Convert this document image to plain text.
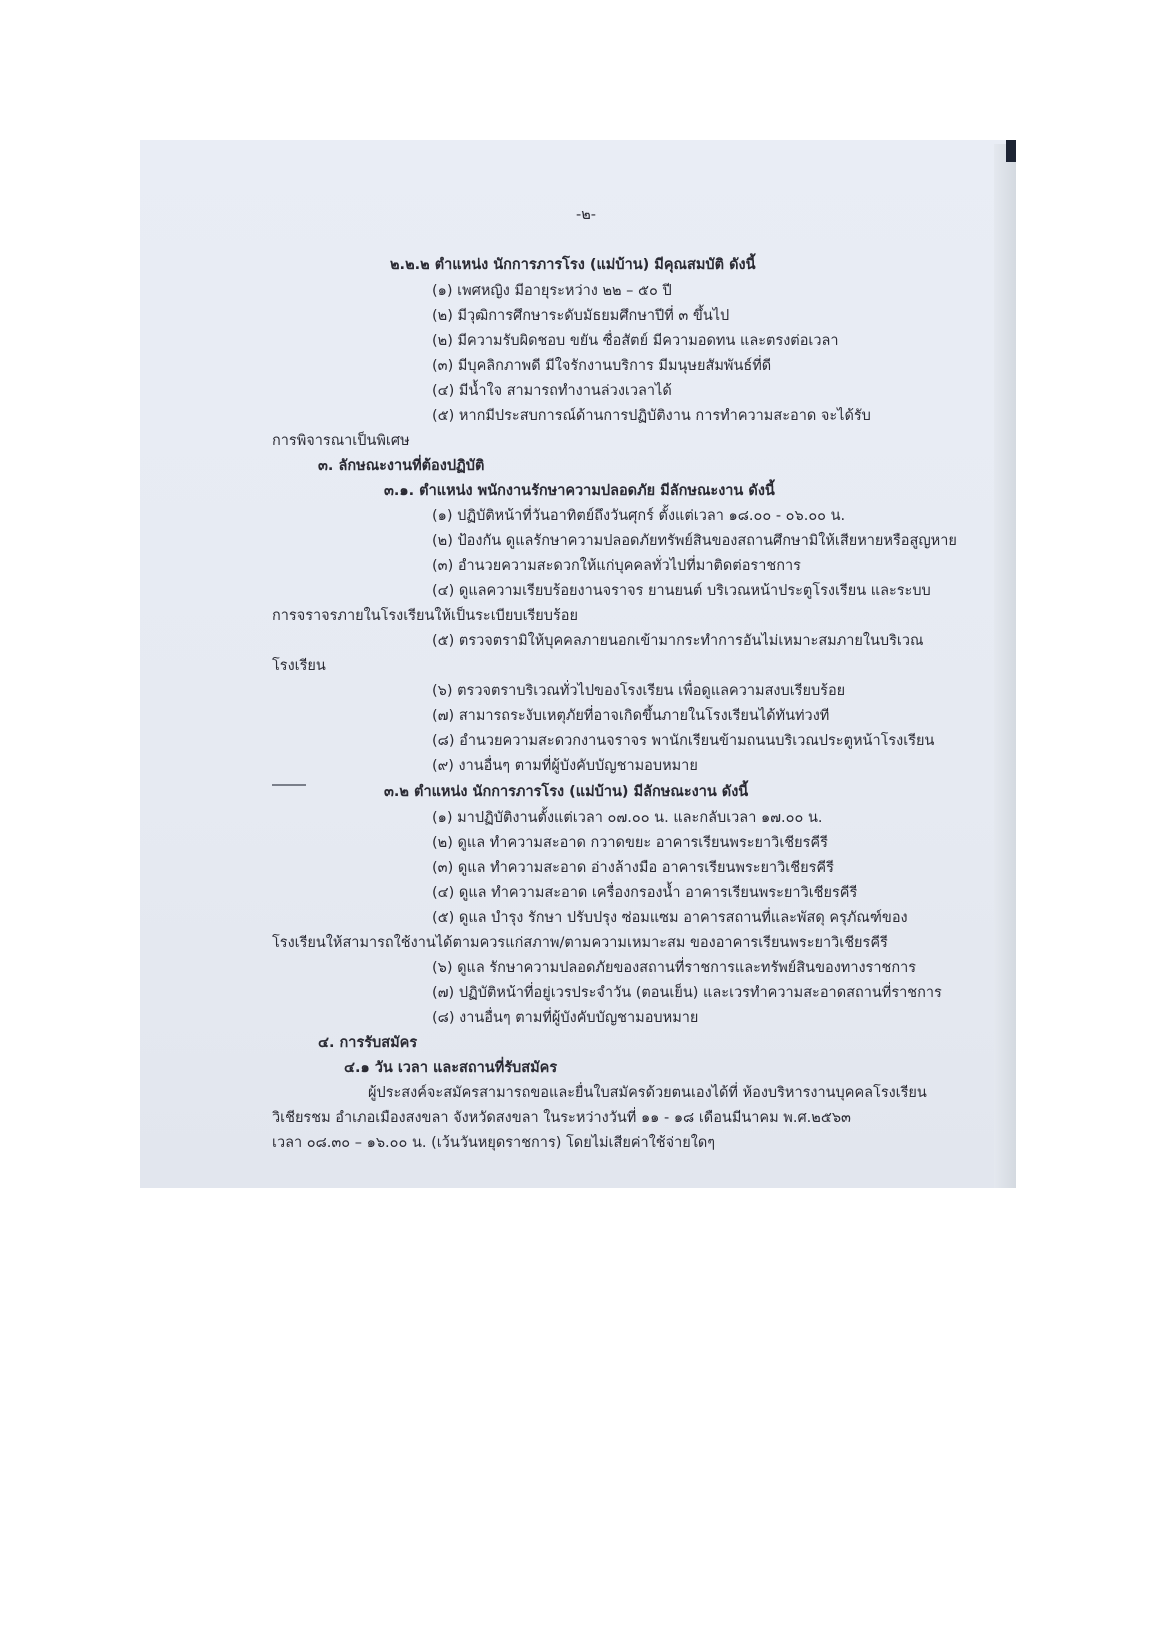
-๒-
๒.๒.๒ ตำแหน่ง นักการภารโรง (แม่บ้าน) มีคุณสมบัติ ดังนี้
(๑) เพศหญิง มีอายุระหว่าง ๒๒ – ๕๐ ปี
(๒) มีวุฒิการศึกษาระดับมัธยมศึกษาปีที่ ๓ ขึ้นไป
(๒) มีความรับผิดชอบ ขยัน ซื่อสัตย์ มีความอดทน และตรงต่อเวลา
(๓) มีบุคลิกภาพดี มีใจรักงานบริการ มีมนุษยสัมพันธ์ที่ดี
(๔) มีน้ำใจ สามารถทำงานล่วงเวลาได้
(๕) หากมีประสบการณ์ด้านการปฏิบัติงาน การทำความสะอาด จะได้รับ
การพิจารณาเป็นพิเศษ
๓. ลักษณะงานที่ต้องปฏิบัติ
๓.๑. ตำแหน่ง พนักงานรักษาความปลอดภัย มีลักษณะงาน ดังนี้
(๑) ปฏิบัติหน้าที่วันอาทิตย์ถึงวันศุกร์ ตั้งแต่เวลา ๑๘.๐๐ - ๐๖.๐๐ น.
(๒) ป้องกัน ดูแลรักษาความปลอดภัยทรัพย์สินของสถานศึกษามิให้เสียหายหรือสูญหาย
(๓) อำนวยความสะดวกให้แก่บุคคลทั่วไปที่มาติดต่อราชการ
(๔) ดูแลความเรียบร้อยงานจราจร ยานยนต์ บริเวณหน้าประตูโรงเรียน และระบบ
การจราจรภายในโรงเรียนให้เป็นระเบียบเรียบร้อย
(๕) ตรวจตรามิให้บุคคลภายนอกเข้ามากระทำการอันไม่เหมาะสมภายในบริเวณ
โรงเรียน
(๖) ตรวจตราบริเวณทั่วไปของโรงเรียน เพื่อดูแลความสงบเรียบร้อย
(๗) สามารถระงับเหตุภัยที่อาจเกิดขึ้นภายในโรงเรียนได้ทันท่วงที
(๘) อำนวยความสะดวกงานจราจร พานักเรียนข้ามถนนบริเวณประตูหน้าโรงเรียน
(๙) งานอื่นๆ ตามที่ผู้บังคับบัญชามอบหมาย
๓.๒ ตำแหน่ง นักการภารโรง (แม่บ้าน) มีลักษณะงาน ดังนี้
(๑) มาปฏิบัติงานตั้งแต่เวลา ๐๗.๐๐ น. และกลับเวลา ๑๗.๐๐ น.
(๒) ดูแล ทำความสะอาด กวาดขยะ อาคารเรียนพระยาวิเชียรคีรี
(๓) ดูแล ทำความสะอาด อ่างล้างมือ อาคารเรียนพระยาวิเชียรคีรี
(๔) ดูแล ทำความสะอาด เครื่องกรองน้ำ อาคารเรียนพระยาวิเชียรคีรี
(๕) ดูแล บำรุง รักษา ปรับปรุง ซ่อมแซม อาคารสถานที่และพัสดุ ครุภัณฑ์ของ
โรงเรียนให้สามารถใช้งานได้ตามควรแก่สภาพ/ตามความเหมาะสม ของอาคารเรียนพระยาวิเชียรคีรี
(๖) ดูแล รักษาความปลอดภัยของสถานที่ราชการและทรัพย์สินของทางราชการ
(๗) ปฏิบัติหน้าที่อยู่เวรประจำวัน (ตอนเย็น) และเวรทำความสะอาดสถานที่ราชการ
(๘) งานอื่นๆ ตามที่ผู้บังคับบัญชามอบหมาย
๔. การรับสมัคร
๔.๑ วัน เวลา และสถานที่รับสมัคร
ผู้ประสงค์จะสมัครสามารถขอและยื่นใบสมัครด้วยตนเองได้ที่ ห้องบริหารงานบุคคลโรงเรียน
วิเชียรชม อำเภอเมืองสงขลา จังหวัดสงขลา ในระหว่างวันที่ ๑๑ - ๑๘ เดือนมีนาคม พ.ศ.๒๕๖๓
เวลา ๐๘.๓๐ – ๑๖.๐๐ น. (เว้นวันหยุดราชการ) โดยไม่เสียค่าใช้จ่ายใดๆ
